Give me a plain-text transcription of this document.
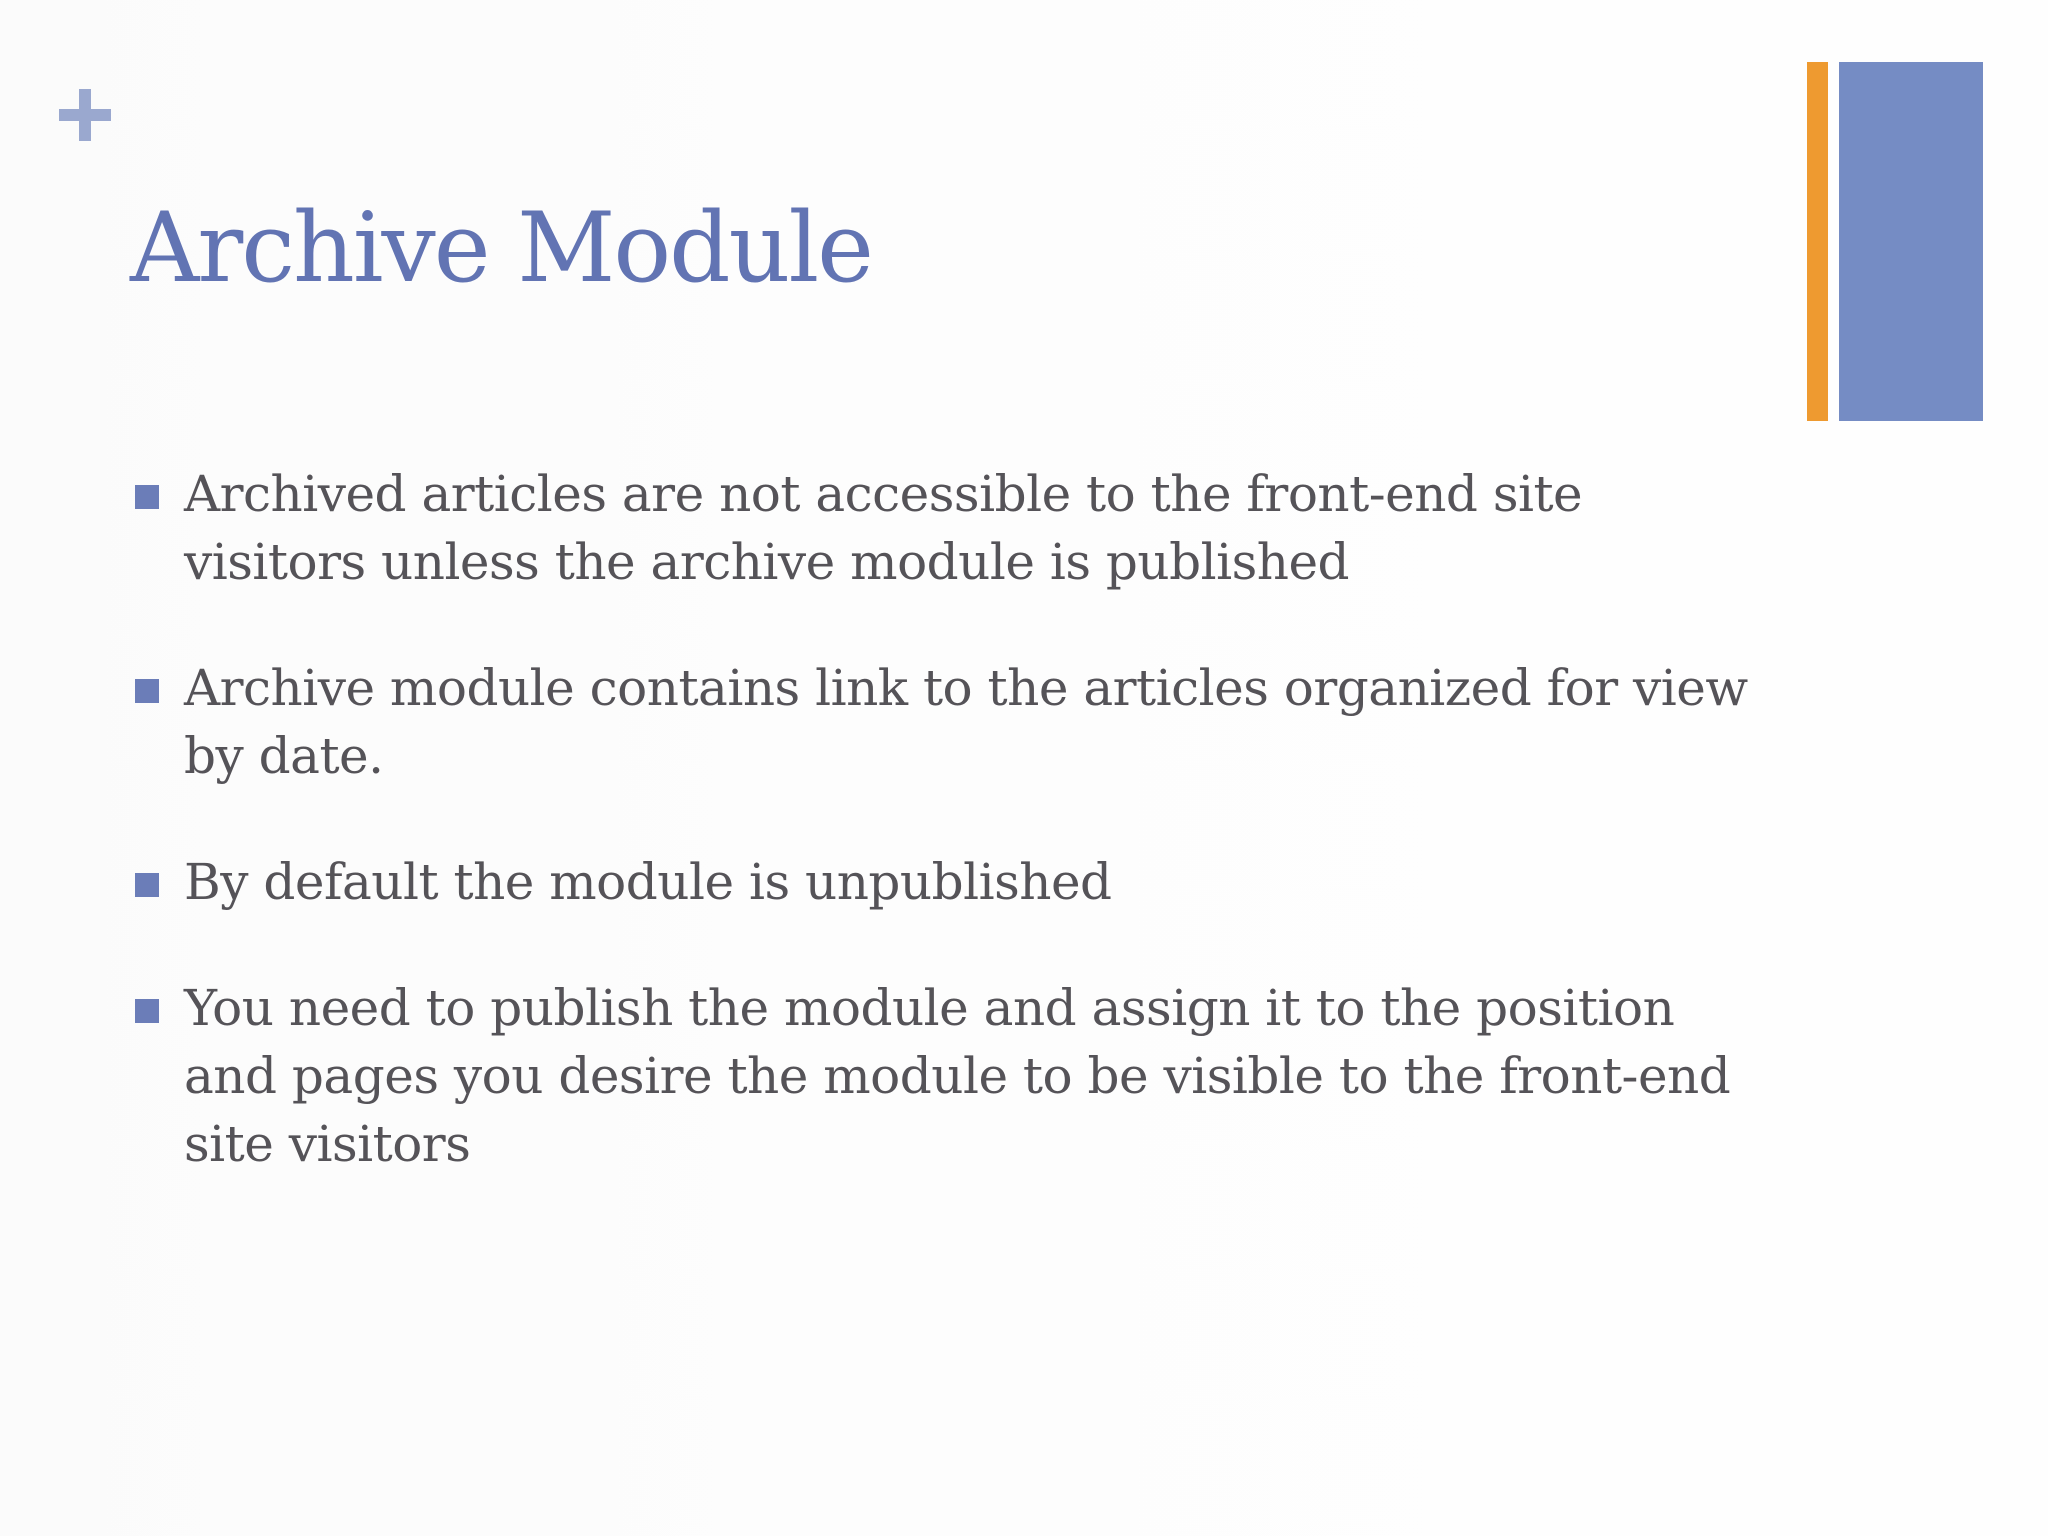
Archive Module
Archived articles are not accessible to the front-end site visitors unless the archive module is published
Archive module contains link to the articles organized for view by date.
By default the module is unpublished
You need to publish the module and assign it to the position and pages you desire the module to be visible to the front-end site visitors
